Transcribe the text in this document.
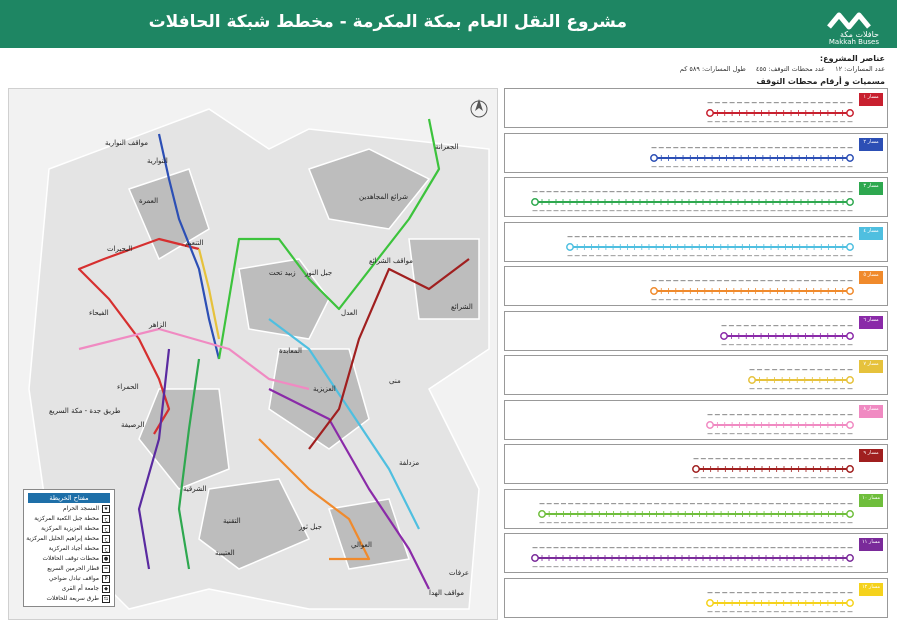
مشروع النقل العام بمكة المكرمة - مخطط شبكة الحافلات
حافلات مكة
Makkah Buses
عناصر المشروع:
عدد المسارات: ١٢ عدد محطات التوقف: ٤٥٥ طول المسارات: ٥٨٩ كم
مسميات و أرقام محطات التوقف
مفتاح الخريطة
★
المسجد الحرام
ح
محطة جبل الكعبة المركزية
ح
محطة العزيزية المركزية
ح
محطة إبراهيم الخليل المركزية
ح
محطة أجياد المركزية
●
محطات توقف الحافلات
═
قطار الحرمين السريع
P
مواقف تبادل ضواحي
◆
جامعة أم القرى
⇆
طرق سريعة للحافلات
مواقف النوارية
النوارية
العمرة
البحيرات
التنعيم
الفيحاء
الزاهر
الحمراء
الرصيفة
الشرقية
التقنية
العتيبية
المعابدة
العزيزية
زبيد تحت جبل النور
العدل
الجعرانة
مواقف الشرائع
الشرائع
شرائع المجاهدين
منى
عرفات
مواقف الهدا
العوالي
جبل ثور
مزدلفة
طريق جدة - مكة السريع
مسار ١
مسار ٢
مسار ٣
مسار ٤
مسار ٥
مسار ٦
مسار ٧
مسار ٨
مسار ٩
مسار ١٠
مسار ١١
مسار ١٢
